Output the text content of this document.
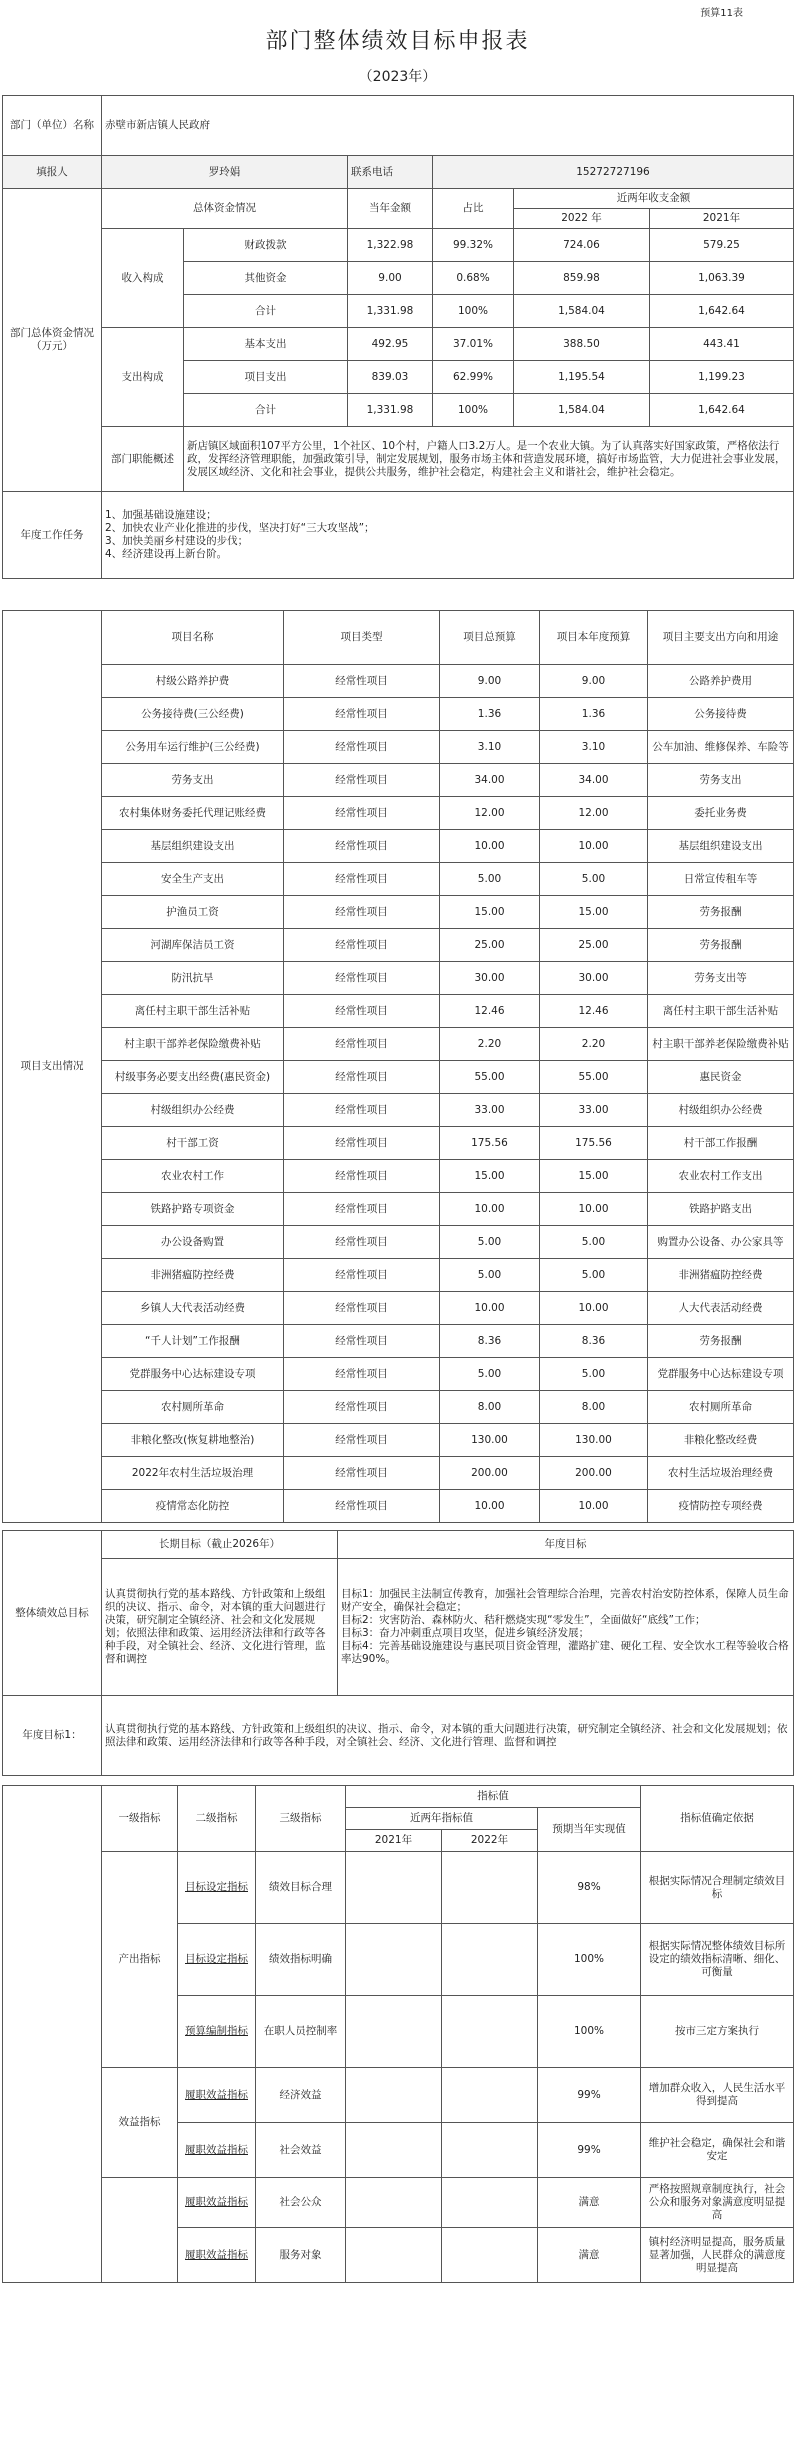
预算11表
部门整体绩效目标申报表
（2023年）
部门（单位）名称	赤壁市新店镇人民政府					
填报人	罗玲娟		联系电话	15272727196		
部门总体资金情况（万元）	总体资金情况		当年金额	占比	近两年收支金额	
					2022 年	2021年
	收入构成	财政拨款	1,322.98	99.32%	724.06	579.25
		其他资金	9.00	0.68%	859.98	1,063.39
		合计	1,331.98	100%	1,584.04	1,642.64
	支出构成	基本支出	492.95	37.01%	388.50	443.41
		项目支出	839.03	62.99%	1,195.54	1,199.23
		合计	1,331.98	100%	1,584.04	1,642.64
	部门职能概述	新店镇区域面积107平方公里，1个社区、10个村，户籍人口3.2万人。是一个农业大镇。为了认真落实好国家政策，严格依法行政，发挥经济管理职能，加强政策引导，制定发展规划，服务市场主体和营造发展环境，搞好市场监管，大力促进社会事业发展，发展区域经济、文化和社会事业，提供公共服务，维护社会稳定，构建社会主义和谐社会，维护社会稳定。				
年度工作任务	1、加强基础设施建设；
2、加快农业产业化推进的步伐，坚决打好“三大攻坚战”；
3、加快美丽乡村建设的步伐；
4、经济建设再上新台阶。					
项目支出情况	项目名称	项目类型	项目总预算	项目本年度预算	项目主要支出方向和用途
	村级公路养护费	经常性项目	9.00	9.00	公路养护费用
	公务接待费(三公经费)	经常性项目	1.36	1.36	公务接待费
	公务用车运行维护(三公经费)	经常性项目	3.10	3.10	公车加油、维修保养、车险等
	劳务支出	经常性项目	34.00	34.00	劳务支出
	农村集体财务委托代理记账经费	经常性项目	12.00	12.00	委托业务费
	基层组织建设支出	经常性项目	10.00	10.00	基层组织建设支出
	安全生产支出	经常性项目	5.00	5.00	日常宣传租车等
	护渔员工资	经常性项目	15.00	15.00	劳务报酬
	河湖库保洁员工资	经常性项目	25.00	25.00	劳务报酬
	防汛抗旱	经常性项目	30.00	30.00	劳务支出等
	离任村主职干部生活补贴	经常性项目	12.46	12.46	离任村主职干部生活补贴
	村主职干部养老保险缴费补贴	经常性项目	2.20	2.20	村主职干部养老保险缴费补贴
	村级事务必要支出经费(惠民资金)	经常性项目	55.00	55.00	惠民资金
	村级组织办公经费	经常性项目	33.00	33.00	村级组织办公经费
	村干部工资	经常性项目	175.56	175.56	村干部工作报酬
	农业农村工作	经常性项目	15.00	15.00	农业农村工作支出
	铁路护路专项资金	经常性项目	10.00	10.00	铁路护路支出
	办公设备购置	经常性项目	5.00	5.00	购置办公设备、办公家具等
	非洲猪瘟防控经费	经常性项目	5.00	5.00	非洲猪瘟防控经费
	乡镇人大代表活动经费	经常性项目	10.00	10.00	人大代表活动经费
	“千人计划”工作报酬	经常性项目	8.36	8.36	劳务报酬
	党群服务中心达标建设专项	经常性项目	5.00	5.00	党群服务中心达标建设专项
	农村厕所革命	经常性项目	8.00	8.00	农村厕所革命
	非粮化整改(恢复耕地整治)	经常性项目	130.00	130.00	非粮化整改经费
	2022年农村生活垃圾治理	经常性项目	200.00	200.00	农村生活垃圾治理经费
	疫情常态化防控	经常性项目	10.00	10.00	疫情防控专项经费
整体绩效总目标	长期目标（截止2026年）	年度目标
	认真贯彻执行党的基本路线、方针政策和上级组织的决议、指示、命令，对本镇的重大问题进行决策，研究制定全镇经济、社会和文化发展规划；依照法律和政策、运用经济法律和行政等各种手段，对全镇社会、经济、文化进行管理，监督和调控	目标1：加强民主法制宣传教育，加强社会管理综合治理，完善农村治安防控体系，保障人员生命财产安全，确保社会稳定；
目标2：灾害防治、森林防火、秸秆燃烧实现“零发生”，全面做好“底线”工作；
目标3：奋力冲刺重点项目攻坚，促进乡镇经济发展；
目标4：完善基础设施建设与惠民项目资金管理，灌路扩建、硬化工程、安全饮水工程等验收合格率达90%。

年度目标1：	认真贯彻执行党的基本路线、方针政策和上级组织的决议、指示、命令，对本镇的重大问题进行决策，研究制定全镇经济、社会和文化发展规划；依照法律和政策、运用经济法律和行政等各种手段，对全镇社会、经济、文化进行管理、监督和调控	
	一级指标	二级指标	三级指标	指标值			指标值确定依据
				近两年指标值		预期当年实现值	
				2021年	2022年		
	产出指标	目标设定指标	绩效目标合理			98%	根据实际情况合理制定绩效目标
		目标设定指标	绩效指标明确			100%	根据实际情况整体绩效目标所设定的绩效指标清晰、细化、可衡量
		预算编制指标	在职人员控制率			100%	按市三定方案执行
	效益指标	履职效益指标	经济效益			99%	增加群众收入，人民生活水平得到提高
		履职效益指标	社会效益			99%	维护社会稳定，确保社会和谐安定
		履职效益指标	社会公众			满意	严格按照规章制度执行，社会公众和服务对象满意度明显提高
		履职效益指标	服务对象			满意	镇村经济明显提高，服务质量显著加强，人民群众的满意度明显提高
